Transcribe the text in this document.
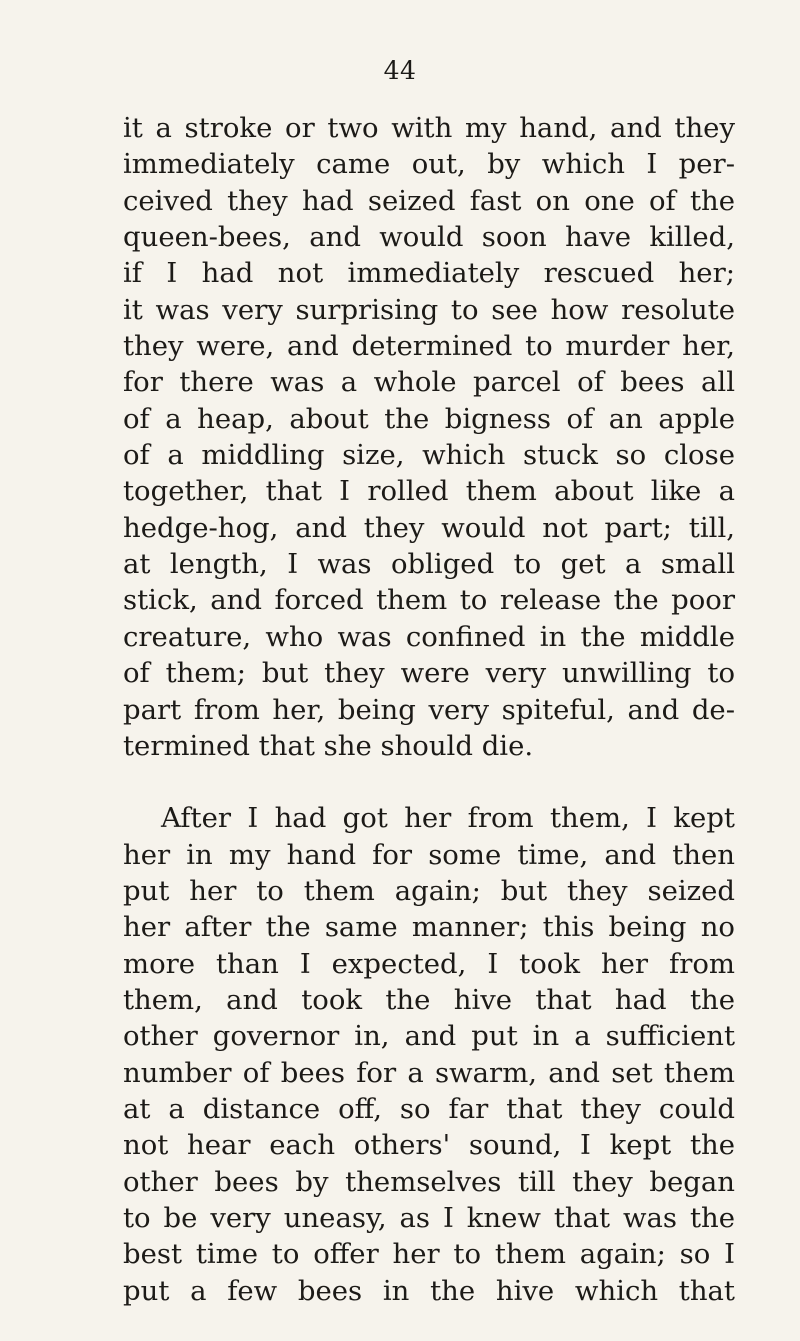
44
it a stroke or two with my hand, and they
immediately came out, by which I per-
ceived they had seized fast on one of the
queen-bees, and would soon have killed,
if I had not immediately rescued her;
it was very surprising to see how resolute
they were, and determined to murder her,
for there was a whole parcel of bees all
of a heap, about the bigness of an apple
of a middling size, which stuck so close
together, that I rolled them about like a
hedge-hog, and they would not part; till,
at length, I was obliged to get a small
stick, and forced them to release the poor
creature, who was confined in the middle
of them; but they were very unwilling to
part from her, being very spiteful, and de-
termined that she should die.
After I had got her from them, I kept
her in my hand for some time, and then
put her to them again; but they seized
her after the same manner; this being no
more than I expected, I took her from
them, and took the hive that had the
other governor in, and put in a sufficient
number of bees for a swarm, and set them
at a distance off, so far that they could
not hear each others' sound, I kept the
other bees by themselves till they began
to be very uneasy, as I knew that was the
best time to offer her to them again; so I
put a few bees in the hive which that
